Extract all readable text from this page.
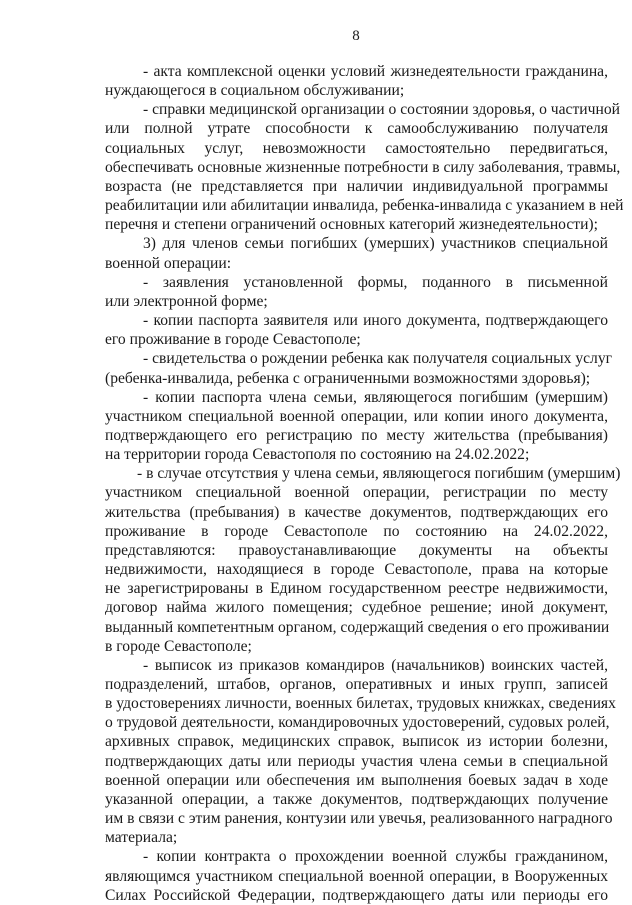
8
- акта комплексной оценки условий жизнедеятельности гражданина,
нуждающегося в социальном обслуживании;
- справки медицинской организации о состоянии здоровья, о частичной
или полной утрате способности к самообслуживанию получателя
социальных услуг, невозможности самостоятельно передвигаться,
обеспечивать основные жизненные потребности в силу заболевания, травмы,
возраста (не представляется при наличии индивидуальной программы
реабилитации или абилитации инвалида, ребенка-инвалида с указанием в ней
перечня и степени ограничений основных категорий жизнедеятельности);
3) для членов семьи погибших (умерших) участников специальной
военной операции:
- заявления установленной формы, поданного в письменной
или электронной форме;
- копии паспорта заявителя или иного документа, подтверждающего
его проживание в городе Севастополе;
- свидетельства о рождении ребенка как получателя социальных услуг
(ребенка-инвалида, ребенка с ограниченными возможностями здоровья);
- копии паспорта члена семьи, являющегося погибшим (умершим)
участником специальной военной операции, или копии иного документа,
подтверждающего его регистрацию по месту жительства (пребывания)
на территории города Севастополя по состоянию на 24.02.2022;
- в случае отсутствия у члена семьи, являющегося погибшим (умершим)
участником специальной военной операции, регистрации по месту
жительства (пребывания) в качестве документов, подтверждающих его
проживание в городе Севастополе по состоянию на 24.02.2022,
представляются: правоустанавливающие документы на объекты
недвижимости, находящиеся в городе Севастополе, права на которые
не зарегистрированы в Едином государственном реестре недвижимости,
договор найма жилого помещения; судебное решение; иной документ,
выданный компетентным органом, содержащий сведения о его проживании
в городе Севастополе;
- выписок из приказов командиров (начальников) воинских частей,
подразделений, штабов, органов, оперативных и иных групп, записей
в удостоверениях личности, военных билетах, трудовых книжках, сведениях
о трудовой деятельности, командировочных удостоверений, судовых ролей,
архивных справок, медицинских справок, выписок из истории болезни,
подтверждающих даты или периоды участия члена семьи в специальной
военной операции или обеспечения им выполнения боевых задач в ходе
указанной операции, а также документов, подтверждающих получение
им в связи с этим ранения, контузии или увечья, реализованного наградного
материала;
- копии контракта о прохождении военной службы гражданином,
являющимся участником специальной военной операции, в Вооруженных
Силах Российской Федерации, подтверждающего даты или периоды его
